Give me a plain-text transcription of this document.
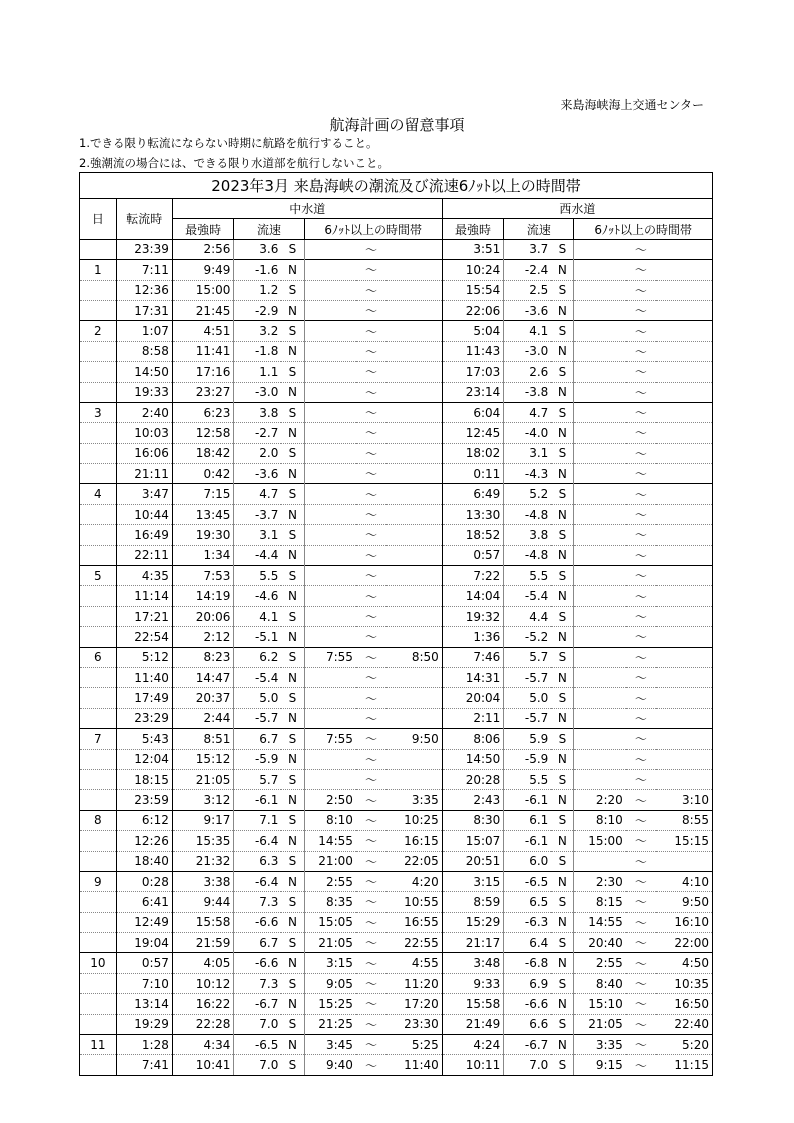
来島海峡海上交通センター
航海計画の留意事項
1.できる限り転流にならない時期に航路を航行すること。
2.強潮流の場合には、できる限り水道部を航行しないこと。
2023年3月 来島海峡の潮流及び流速6ﾉｯﾄ以上の時間帯													
日	転流時	中水道						西水道					
		最強時	流速		6ﾉｯﾄ以上の時間帯			最強時	流速		6ﾉｯﾄ以上の時間帯		
	23:39	2:56	3.6	S		～		3:51	3.7	S		～	
1	7:11	9:49	-1.6	N		～		10:24	-2.4	N		～	
	12:36	15:00	1.2	S		～		15:54	2.5	S		～	
	17:31	21:45	-2.9	N		～		22:06	-3.6	N		～	
2	1:07	4:51	3.2	S		～		5:04	4.1	S		～	
	8:58	11:41	-1.8	N		～		11:43	-3.0	N		～	
	14:50	17:16	1.1	S		～		17:03	2.6	S		～	
	19:33	23:27	-3.0	N		～		23:14	-3.8	N		～	
3	2:40	6:23	3.8	S		～		6:04	4.7	S		～	
	10:03	12:58	-2.7	N		～		12:45	-4.0	N		～	
	16:06	18:42	2.0	S		～		18:02	3.1	S		～	
	21:11	0:42	-3.6	N		～		0:11	-4.3	N		～	
4	3:47	7:15	4.7	S		～		6:49	5.2	S		～	
	10:44	13:45	-3.7	N		～		13:30	-4.8	N		～	
	16:49	19:30	3.1	S		～		18:52	3.8	S		～	
	22:11	1:34	-4.4	N		～		0:57	-4.8	N		～	
5	4:35	7:53	5.5	S		～		7:22	5.5	S		～	
	11:14	14:19	-4.6	N		～		14:04	-5.4	N		～	
	17:21	20:06	4.1	S		～		19:32	4.4	S		～	
	22:54	2:12	-5.1	N		～		1:36	-5.2	N		～	
6	5:12	8:23	6.2	S	7:55	～	8:50	7:46	5.7	S		～	
	11:40	14:47	-5.4	N		～		14:31	-5.7	N		～	
	17:49	20:37	5.0	S		～		20:04	5.0	S		～	
	23:29	2:44	-5.7	N		～		2:11	-5.7	N		～	
7	5:43	8:51	6.7	S	7:55	～	9:50	8:06	5.9	S		～	
	12:04	15:12	-5.9	N		～		14:50	-5.9	N		～	
	18:15	21:05	5.7	S		～		20:28	5.5	S		～	
	23:59	3:12	-6.1	N	2:50	～	3:35	2:43	-6.1	N	2:20	～	3:10
8	6:12	9:17	7.1	S	8:10	～	10:25	8:30	6.1	S	8:10	～	8:55
	12:26	15:35	-6.4	N	14:55	～	16:15	15:07	-6.1	N	15:00	～	15:15
	18:40	21:32	6.3	S	21:00	～	22:05	20:51	6.0	S		～	
9	0:28	3:38	-6.4	N	2:55	～	4:20	3:15	-6.5	N	2:30	～	4:10
	6:41	9:44	7.3	S	8:35	～	10:55	8:59	6.5	S	8:15	～	9:50
	12:49	15:58	-6.6	N	15:05	～	16:55	15:29	-6.3	N	14:55	～	16:10
	19:04	21:59	6.7	S	21:05	～	22:55	21:17	6.4	S	20:40	～	22:00
10	0:57	4:05	-6.6	N	3:15	～	4:55	3:48	-6.8	N	2:55	～	4:50
	7:10	10:12	7.3	S	9:05	～	11:20	9:33	6.9	S	8:40	～	10:35
	13:14	16:22	-6.7	N	15:25	～	17:20	15:58	-6.6	N	15:10	～	16:50
	19:29	22:28	7.0	S	21:25	～	23:30	21:49	6.6	S	21:05	～	22:40
11	1:28	4:34	-6.5	N	3:45	～	5:25	4:24	-6.7	N	3:35	～	5:20
	7:41	10:41	7.0	S	9:40	～	11:40	10:11	7.0	S	9:15	～	11:15
